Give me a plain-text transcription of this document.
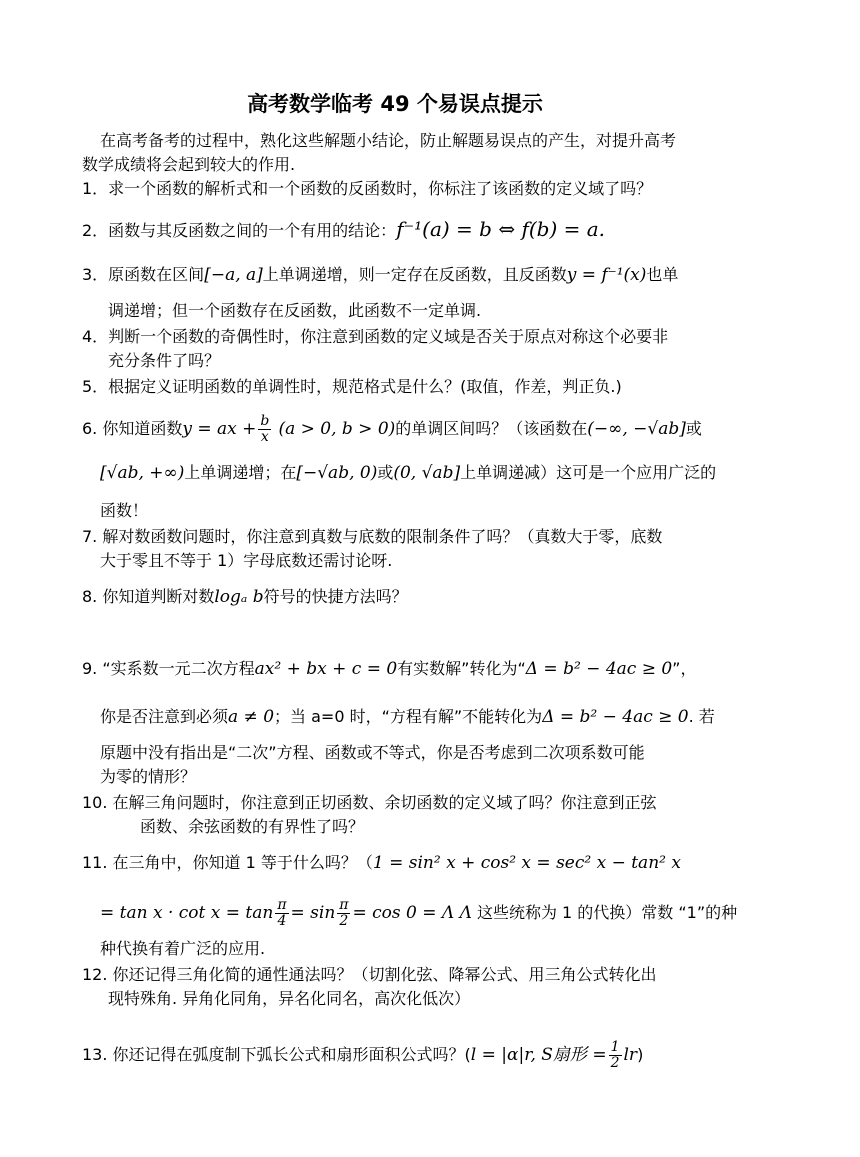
高考数学临考 49 个易误点提示
在高考备考的过程中，熟化这些解题小结论，防止解题易误点的产生，对提升高考
数学成绩将会起到较大的作用.
1．求一个函数的解析式和一个函数的反函数时，你标注了该函数的定义域了吗？
2．函数与其反函数之间的一个有用的结论：f⁻¹(a) = b ⇔ f(b) = a.
3．原函数在区间[−a, a]上单调递增，则一定存在反函数，且反函数y = f⁻¹(x)也单
调递增；但一个函数存在反函数，此函数不一定单调.
4．判断一个函数的奇偶性时，你注意到函数的定义域是否关于原点对称这个必要非
充分条件了吗？
5．根据定义证明函数的单调性时，规范格式是什么？(取值，作差，判正负.)
6. 你知道函数y = ax + $\frac{b}{x} (a > 0$, b > 0)的单调区间吗？（该函数在(−∞, −√ab]或
[√ab, +∞)上单调递增；在[−√ab, 0)或(0, √ab]上单调递减）这可是一个应用广泛的
函数！
7. 解对数函数问题时，你注意到真数与底数的限制条件了吗？（真数大于零，底数
大于零且不等于 1）字母底数还需讨论呀.
8. 你知道判断对数logₐ b符号的快捷方法吗？
9. “实系数一元二次方程ax² + bx + c = 0有实数解”转化为“Δ = b² − 4ac ≥ 0”，
你是否注意到必须a ≠ 0；当 a=0 时，“方程有解”不能转化为Δ = b² − 4ac ≥ 0. 若
原题中没有指出是“二次”方程、函数或不等式，你是否考虑到二次项系数可能
为零的情形？
10. 在解三角问题时，你注意到正切函数、余切函数的定义域了吗？你注意到正弦
函数、余弦函数的有界性了吗？
11. 在三角中，你知道 1 等于什么吗？（1 = sin² x + cos² x = sec² x − tan² x
= $\tan x \cdot \cot x = \tan \frac{\pi}{4} = \sin \frac{\pi}{2} = \cos 0 = \Lambda$ Λ 这些统称为 1 的代换）常数 “1”的种
种代换有着广泛的应用.
12. 你还记得三角化简的通性通法吗？（切割化弦、降幂公式、用三角公式转化出
现特殊角. 异角化同角，异名化同名，高次化低次）
13. 你还记得在弧度制下弧长公式和扇形面积公式吗？(l = |α|r, S扇形 = $\frac{1}{2} lr$)
